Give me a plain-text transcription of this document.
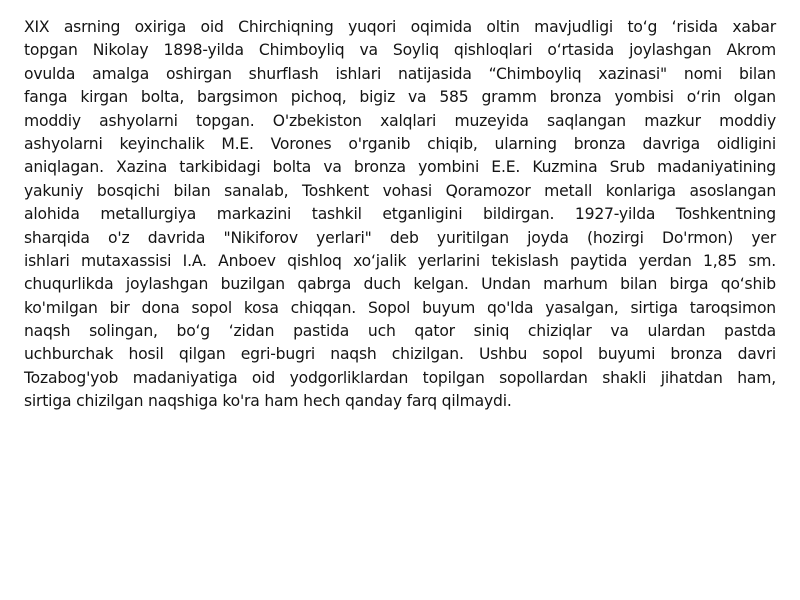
XIX asrning oxiriga oid Chirchiqning yuqori oqimida oltin mavjudligi to‘g ‘risida xabar
topgan Nikolay 1898-yilda Chimboyliq va Soyliq qishloqlari o‘rtasida joylashgan Akrom
ovulda amalga oshirgan shurflash ishlari natijasida “Chimboyliq xazinasi" nomi bilan
fanga kirgan bolta, bargsimon pichoq, bigiz va 585 gramm bronza yombisi o‘rin olgan
moddiy ashyolarni topgan. O'zbekiston xalqlari muzeyida saqlangan mazkur moddiy
ashyolarni keyinchalik M.E. Vorones o'rganib chiqib, ularning bronza davriga oidligini
aniqlagan. Xazina tarkibidagi bolta va bronza yombini E.E. Kuzmina Srub madaniyatining
yakuniy bosqichi bilan sanalab, Toshkent vohasi Qoramozor metall konlariga asoslangan
alohida metallurgiya markazini tashkil etganligini bildirgan. 1927-yilda Toshkentning
sharqida o'z davrida "Nikiforov yerlari" deb yuritilgan joyda (hozirgi Do'rmon) yer
ishlari mutaxassisi I.A. Anboev qishloq xo‘jalik yerlarini tekislash paytida yerdan 1,85 sm.
chuqurlikda joylashgan buzilgan qabrga duch kelgan. Undan marhum bilan birga qo‘shib
ko'milgan bir dona sopol kosa chiqqan. Sopol buyum qo'lda yasalgan, sirtiga taroqsimon
naqsh solingan, bo‘g ‘zidan pastida uch qator siniq chiziqlar va ulardan pastda
uchburchak hosil qilgan egri-bugri naqsh chizilgan. Ushbu sopol buyumi bronza davri
Tozabog'yob madaniyatiga oid yodgorliklardan topilgan sopollardan shakli jihatdan ham,
sirtiga chizilgan naqshiga ko'ra ham hech qanday farq qilmaydi.
